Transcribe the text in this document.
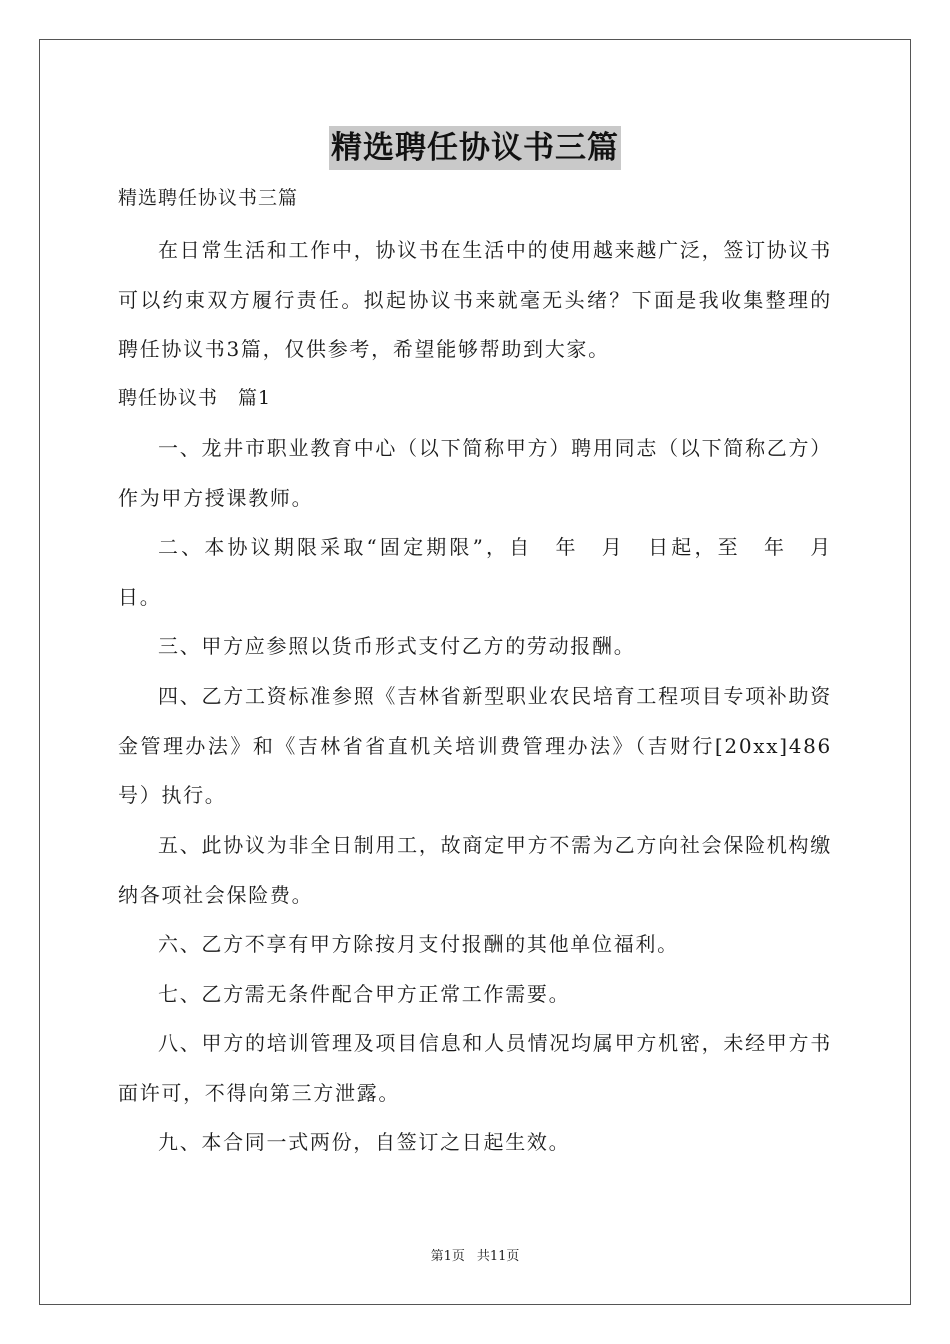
精选聘任协议书三篇
精选聘任协议书三篇

在日常生活和工作中，协议书在生活中的使用越来越广泛，签订协议书可以约束双方履行责任。拟起协议书来就毫无头绪？下面是我收集整理的聘任协议书3篇，仅供参考，希望能够帮助到大家。

聘任协议书　篇1

一、龙井市职业教育中心（以下简称甲方）聘用同志（以下简称乙方）作为甲方授课教师。

二、本协议期限采取“固定期限”，自　年　月　日起，至　年　月　日。

三、甲方应参照以货币形式支付乙方的劳动报酬。

四、乙方工资标准参照《吉林省新型职业农民培育工程项目专项补助资金管理办法》和《吉林省省直机关培训费管理办法》（吉财行[20xx]486号）执行。

五、此协议为非全日制用工，故商定甲方不需为乙方向社会保险机构缴纳各项社会保险费。

六、乙方不享有甲方除按月支付报酬的其他单位福利。

七、乙方需无条件配合甲方正常工作需要。

八、甲方的培训管理及项目信息和人员情况均属甲方机密，未经甲方书面许可，不得向第三方泄露。

九、本合同一式两份，自签订之日起生效。

第1页 共11页
